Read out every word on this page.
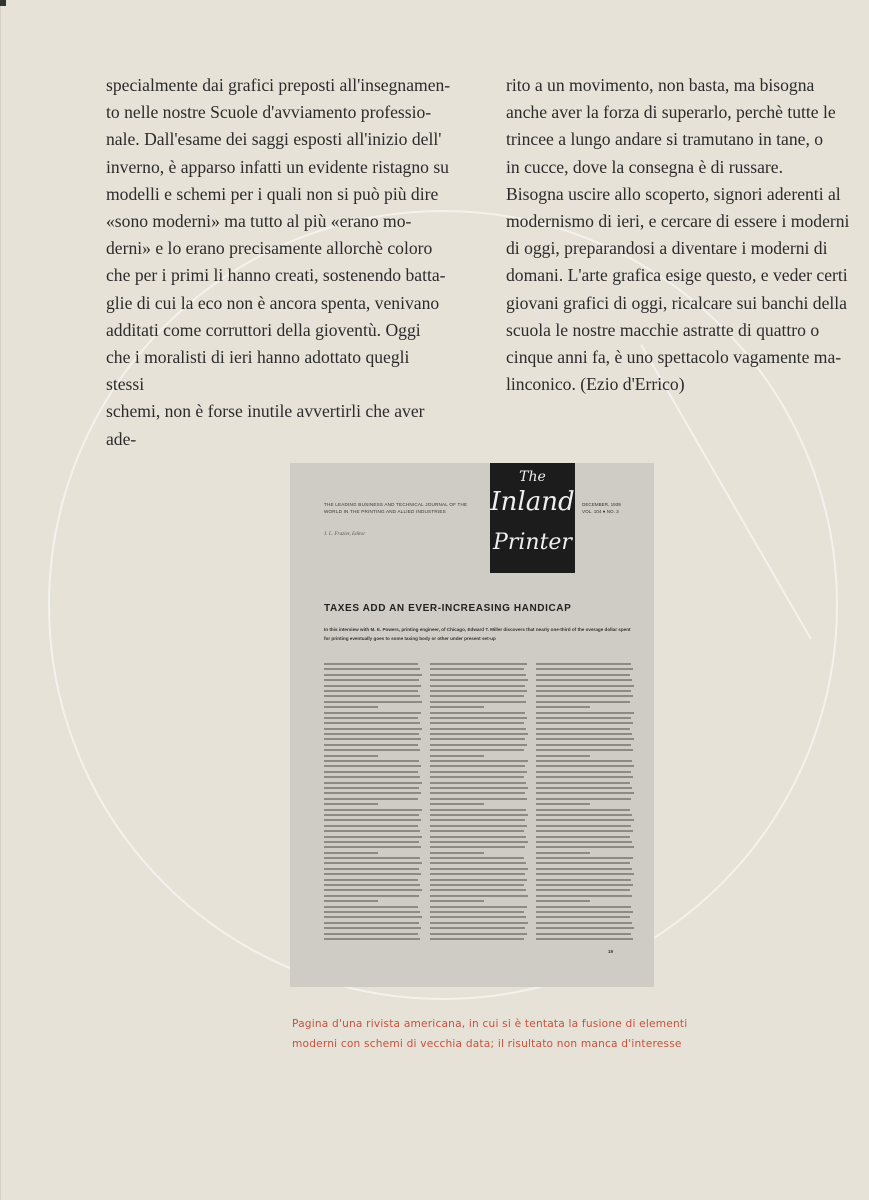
specialmente dai grafici preposti all'insegnamen-

to nelle nostre Scuole d'avviamento professio-

nale. Dall'esame dei saggi esposti all'inizio dell'

inverno, è apparso infatti un evidente ristagno su

modelli e schemi per i quali non si può più dire

«sono moderni» ma tutto al più «erano mo-

derni» e lo erano precisamente allorchè coloro

che per i primi li hanno creati, sostenendo batta-

glie di cui la eco non è ancora spenta, venivano

additati come corruttori della gioventù. Oggi

che i moralisti di ieri hanno adottato quegli stessi

schemi, non è forse inutile avvertirli che aver ade-

rito a un movimento, non basta, ma bisogna

anche aver la forza di superarlo, perchè tutte le

trincee a lungo andare si tramutano in tane, o

in cucce, dove la consegna è di russare.

Bisogna uscire allo scoperto, signori aderenti al

modernismo di ieri, e cercare di essere i moderni

di oggi, preparandosi a diventare i moderni di

domani. L'arte grafica esige questo, e veder certi

giovani grafici di oggi, ricalcare sui banchi della

scuola le nostre macchie astratte di quattro o

cinque anni fa, è uno spettacolo vagamente ma-

linconico. (Ezio d'Errico)

THE LEADING BUSINESS AND TECHNICAL JOURNAL OF THE WORLD IN THE PRINTING AND ALLIED INDUSTRIES
J. L. Frazier, Editor
The
Inland
Printer
DECEMBER, 1939
VOL. 104 ● NO. 3
TAXES ADD AN EVER-INCREASING HANDICAP
In this interview with M. E. Powers, printing engineer, of Chicago, Edward T. Miller discovers that nearly one-third of the overage dollar spent for printing eventually goes to some taxing body or other under present set-up
19
Pagina d'una rivista americana, in cui si è tentata la fusione di elementi
moderni con schemi di vecchia data; il risultato non manca d'interesse
